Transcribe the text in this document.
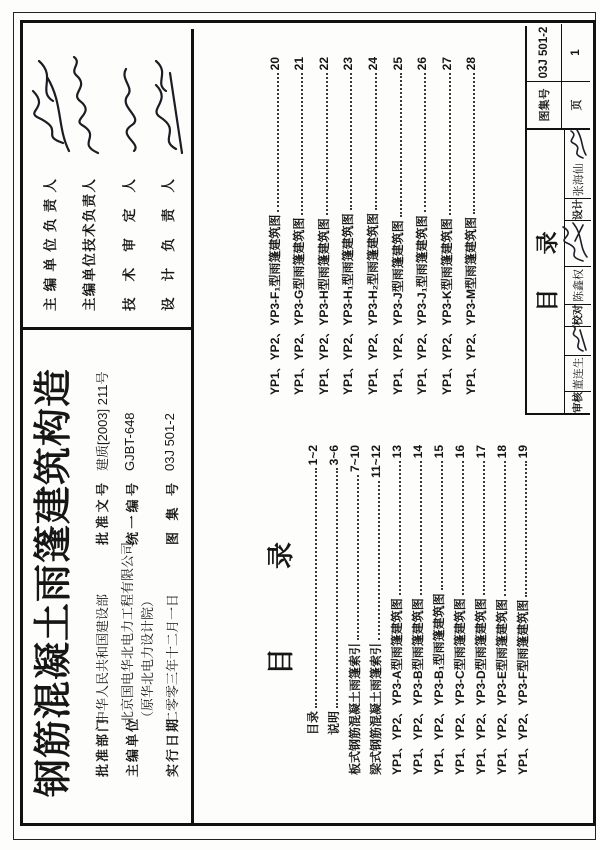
钢筋混凝土雨篷建筑构造 批准部门
中华人民共和国建设部
批准文号
建质[2003] 211号
主编单位
北京国电华北电力工程有限公司 （原华北电力设计院）
统一编号
GJBT-648
实行日期
二零零三年十二月一日
图 集 号
03J 501-2
主编单位负责人 主编单位技术负责人 技术审定人 设计负责人
目 录
目录
1~2
说明
3~6
板式钢筋混凝土雨篷索引
7~10
梁式钢筋混凝土雨篷索引
11~12
YP1、YP2、YP3-A型雨篷建筑图
13
YP1、YP2、YP3-B型雨篷建筑图
14
YP1、YP2、YP3-B₁型雨篷建筑图
15
YP1、YP2、YP3-C型雨篷建筑图
16
YP1、YP2、YP3-D型雨篷建筑图
17
YP1、YP2、YP3-E型雨篷建筑图
18
YP1、YP2、YP3-F型雨篷建筑图
19
YP1、YP2、YP3-F₁型雨篷建筑图
20
YP1、YP2、YP3-G型雨篷建筑图
21
YP1、YP2、YP3-H型雨篷建筑图
22
YP1、YP2、YP3-H₁型雨篷建筑图
23
YP1、YP2、YP3-H₂型雨篷建筑图
24
YP1、YP2、YP3-J型雨篷建筑图
25
YP1、YP2、YP3-J₁型雨篷建筑图
26
YP1、YP2、YP3-K型雨篷建筑图
27
YP1、YP2、YP3-M型雨篷建筑图
28
目 录
审核
董连生
校对
陈鑫权
设计
张海仙
图集号
03J 501-2
页
1
